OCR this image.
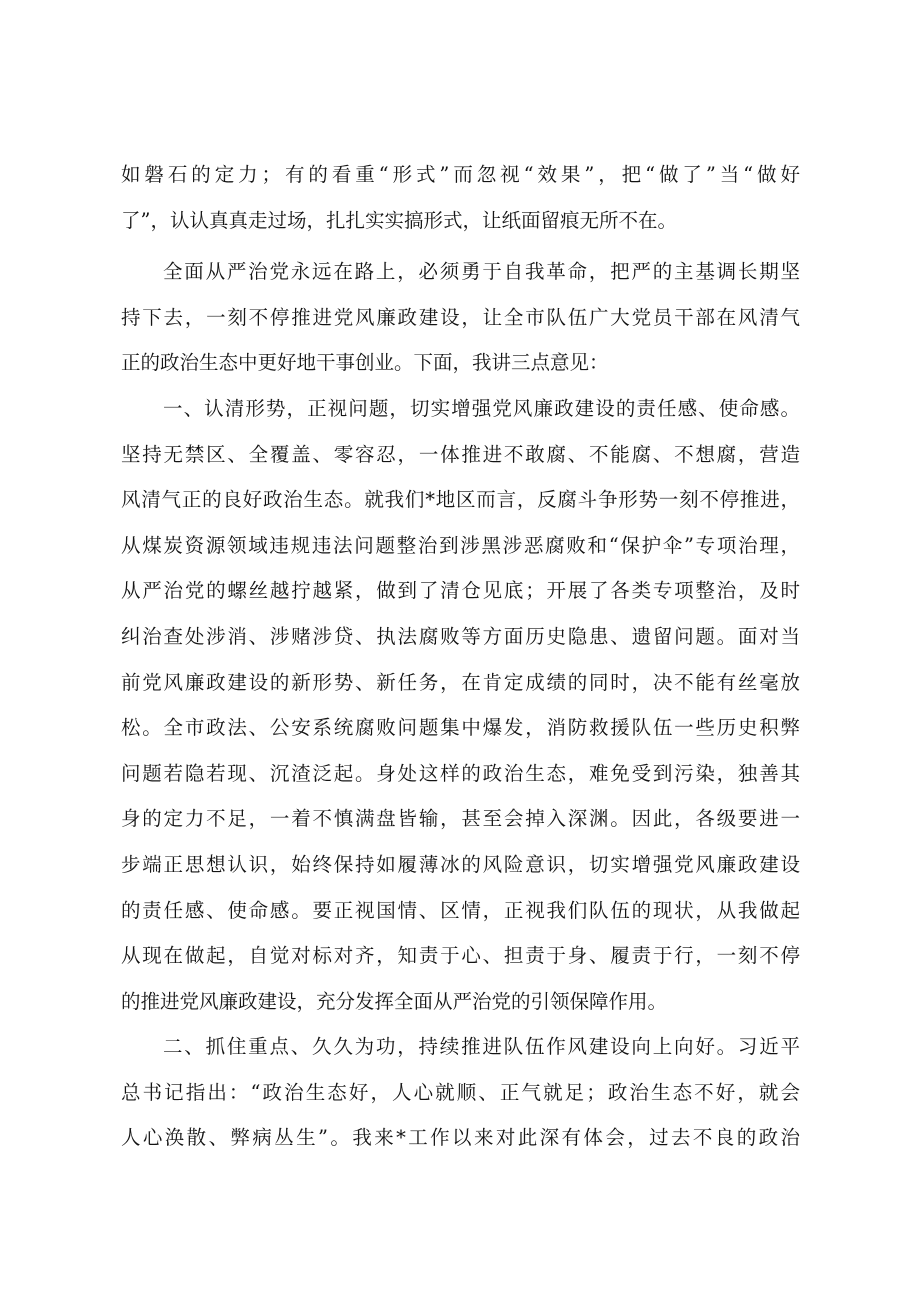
如磐石的定力；有的看重“形式”而忽视“效果”，把“做了”当“做好
了”，认认真真走过场，扎扎实实搞形式，让纸面留痕无所不在。
全面从严治党永远在路上，必须勇于自我革命，把严的主基调长期坚
持下去，一刻不停推进党风廉政建设，让全市队伍广大党员干部在风清气
正的政治生态中更好地干事创业。下面，我讲三点意见：
一、认清形势，正视问题，切实增强党风廉政建设的责任感、使命感。
坚持无禁区、全覆盖、零容忍，一体推进不敢腐、不能腐、不想腐，营造
风清气正的良好政治生态。就我们*地区而言，反腐斗争形势一刻不停推进，
从煤炭资源领域违规违法问题整治到涉黑涉恶腐败和“保护伞”专项治理，
从严治党的螺丝越拧越紧，做到了清仓见底；开展了各类专项整治，及时
纠治查处涉消、涉赌涉贷、执法腐败等方面历史隐患、遗留问题。面对当
前党风廉政建设的新形势、新任务，在肯定成绩的同时，决不能有丝毫放
松。全市政法、公安系统腐败问题集中爆发，消防救援队伍一些历史积弊
问题若隐若现、沉渣泛起。身处这样的政治生态，难免受到污染，独善其
身的定力不足，一着不慎满盘皆输，甚至会掉入深渊。因此，各级要进一
步端正思想认识，始终保持如履薄冰的风险意识，切实增强党风廉政建设
的责任感、使命感。要正视国情、区情，正视我们队伍的现状，从我做起
从现在做起，自觉对标对齐，知责于心、担责于身、履责于行，一刻不停
的推进党风廉政建设，充分发挥全面从严治党的引领保障作用。
二、抓住重点、久久为功，持续推进队伍作风建设向上向好。习近平
总书记指出：“政治生态好，人心就顺、正气就足；政治生态不好，就会
人心涣散、弊病丛生”。我来*工作以来对此深有体会，过去不良的政治
